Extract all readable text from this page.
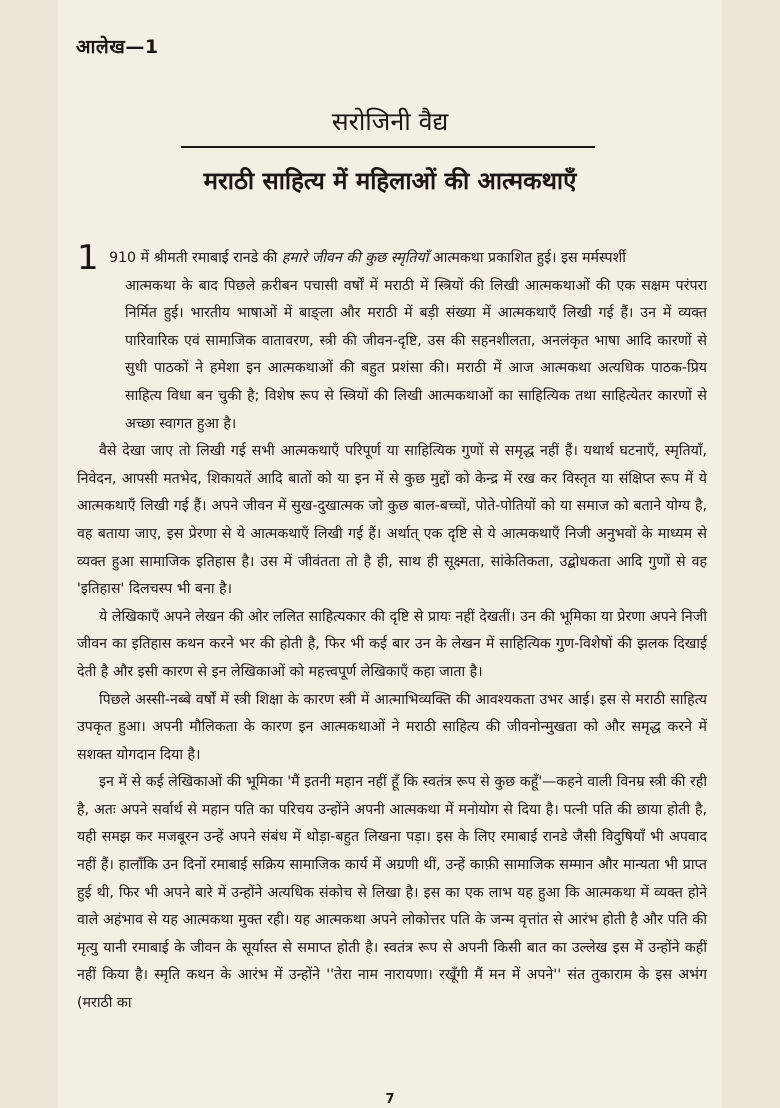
आलेख—1
सरोजिनी वैद्य
मराठी साहित्य में महिलाओं की आत्मकथाएँ

1 910 में श्रीमती रमाबाई रानडे की हमारे जीवन की कुछ स्मृतियाँ आत्मकथा प्रकाशित हुई। इस मर्मस्पर्शी

आत्मकथा के बाद पिछले क़रीबन पचासी वर्षों में मराठी में स्त्रियों की लिखी आत्मकथाओं की एक सक्षम परंपरा निर्मित हुई। भारतीय भाषाओं में बाङ्ला और मराठी में बड़ी संख्या में आत्मकथाएँ लिखी गई हैं। उन में व्यक्त पारिवारिक एवं सामाजिक वातावरण, स्त्री की जीवन-दृष्टि, उस की सहनशीलता, अनलंकृत भाषा आदि कारणों से सुधी पाठकों ने हमेशा इन आत्मकथाओं की बहुत प्रशंसा की। मराठी में आज आत्मकथा अत्यधिक पाठक-प्रिय साहित्य विधा बन चुकी है; विशेष रूप से स्त्रियों की लिखी आत्मकथाओं का साहित्यिक तथा साहित्येतर कारणों से अच्छा स्वागत हुआ है।

वैसे देखा जाए तो लिखी गई सभी आत्मकथाएँ परिपूर्ण या साहित्यिक गुणों से समृद्ध नहीं हैं। यथार्थ घटनाएँ, स्मृतियाँ, निवेदन, आपसी मतभेद, शिकायतें आदि बातों को या इन में से कुछ मुद्दों को केन्द्र में रख कर विस्तृत या संक्षिप्त रूप में ये आत्मकथाएँ लिखी गई हैं। अपने जीवन में सुख-दुखात्मक जो कुछ बाल-बच्चों, पोते-पोतियों को या समाज को बताने योग्य है, वह बताया जाए, इस प्रेरणा से ये आत्मकथाएँ लिखी गई हैं। अर्थात् एक दृष्टि से ये आत्मकथाएँ निजी अनुभवों के माध्यम से व्यक्त हुआ सामाजिक इतिहास है। उस में जीवंतता तो है ही, साथ ही सूक्ष्मता, सांकेतिकता, उद्बोधकता आदि गुणों से वह 'इतिहास' दिलचस्प भी बना है।

ये लेखिकाएँ अपने लेखन की ओर ललित साहित्यकार की दृष्टि से प्रायः नहीं देखतीं। उन की भूमिका या प्रेरणा अपने निजी जीवन का इतिहास कथन करने भर की होती है, फिर भी कई बार उन के लेखन में साहित्यिक गुण-विशेषों की झलक दिखाई देती है और इसी कारण से इन लेखिकाओं को महत्त्वपूर्ण लेखिकाएँ कहा जाता है।

पिछले अस्सी-नब्बे वर्षों में स्त्री शिक्षा के कारण स्त्री में आत्माभिव्यक्ति की आवश्यकता उभर आई। इस से मराठी साहित्य उपकृत हुआ। अपनी मौलिकता के कारण इन आत्मकथाओं ने मराठी साहित्य की जीवनोन्मुखता को और समृद्ध करने में सशक्त योगदान दिया है।

इन में से कई लेखिकाओं की भूमिका 'मैं इतनी महान नहीं हूँ कि स्वतंत्र रूप से कुछ कहूँ'—कहने वाली विनम्र स्त्री की रही है, अतः अपने सर्वार्थ से महान पति का परिचय उन्होंने अपनी आत्मकथा में मनोयोग से दिया है। पत्नी पति की छाया होती है, यही समझ कर मजबूरन उन्हें अपने संबंध में थोड़ा-बहुत लिखना पड़ा। इस के लिए रमाबाई रानडे जैसी विदुषियाँ भी अपवाद नहीं हैं। हालाँकि उन दिनों रमाबाई सक्रिय सामाजिक कार्य में अग्रणी थीं, उन्हें काफ़ी सामाजिक सम्मान और मान्यता भी प्राप्त हुई थी, फिर भी अपने बारे में उन्होंने अत्यधिक संकोच से लिखा है। इस का एक लाभ यह हुआ कि आत्मकथा में व्यक्त होने वाले अहंभाव से यह आत्मकथा मुक्त रही। यह आत्मकथा अपने लोकोत्तर पति के जन्म वृत्तांत से आरंभ होती है और पति की मृत्यु यानी रमाबाई के जीवन के सूर्यास्त से समाप्त होती है। स्वतंत्र रूप से अपनी किसी बात का उल्लेख इस में उन्होंने कहीं नहीं किया है। स्मृति कथन के आरंभ में उन्होंने ''तेरा नाम नारायणा। रखूँगी मैं मन में अपने'' संत तुकाराम के इस अभंग (मराठी का

7
